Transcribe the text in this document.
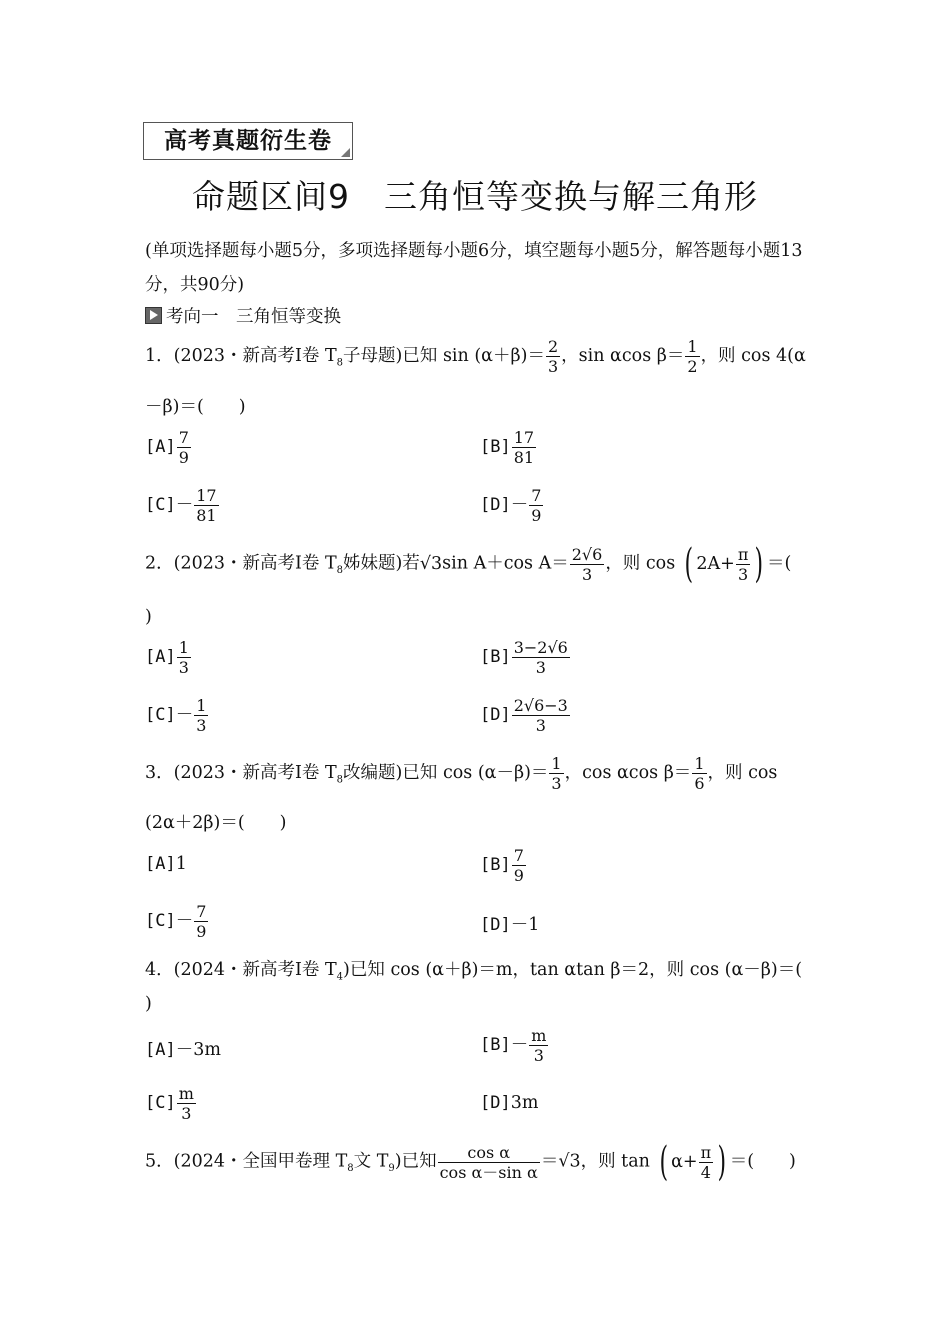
高考真题衍生卷
命题区间9　三角恒等变换与解三角形
(单项选择题每小题5分，多项选择题每小题6分，填空题每小题5分，解答题每小题13分，共90分)
考向一　三角恒等变换
1．(2023・新高考Ⅰ卷 $T_8$子母题)已知 $\sin (\alpha+\beta)= \frac{2}{3}$ ，sin αcos $\beta= \frac{1}{2}$ ，则 cos 4(α
－β)＝(　　)
$[A] \frac{7}{9}$	$[B] \frac{17}{81}$
$[C]- \frac{17}{81}$	$[D]- \frac{7}{9}$
2．(2023・新高考Ⅰ卷 $T_8$姊妹题)若√3sin A＋cos $A= \frac{2√6}{3}$ ，则 cos ( $2A+ \frac{\pi}{3}$ ) ＝(
)
$[A] \frac{1}{3}$	$[B] \frac{3-2√6}{3}$
$[C]- \frac{1}{3}$	$[D] \frac{2√6-3}{3}$
3．(2023・新高考Ⅰ卷 $T_8$改编题)已知 $\cos (\alpha-\beta)= \frac{1}{3}$ ，cos αcos $\beta= \frac{1}{6}$ ，则 cos
(2α＋2β)＝(　　)
[A]1	$[B] \frac{7}{9}$
$[C]- \frac{7}{9}$	[D]－1
4．(2024・新高考Ⅰ卷 $T_4$)已知 cos (α＋β)＝m，tan αtan β＝2，则 cos (α－β)＝(
)
[A]－3m	$[B]- \frac{m}{3}$
$[C] \frac{m}{3}$	[D]3m
5．(2024・全国甲卷理 $T_8$文 $T_9$)已知 $\frac{\text{cos α}}{\text{cos α－sin α}} =√3$，则 tan ( $\alpha+ \frac{\pi}{4}$ ) ＝(　　)
